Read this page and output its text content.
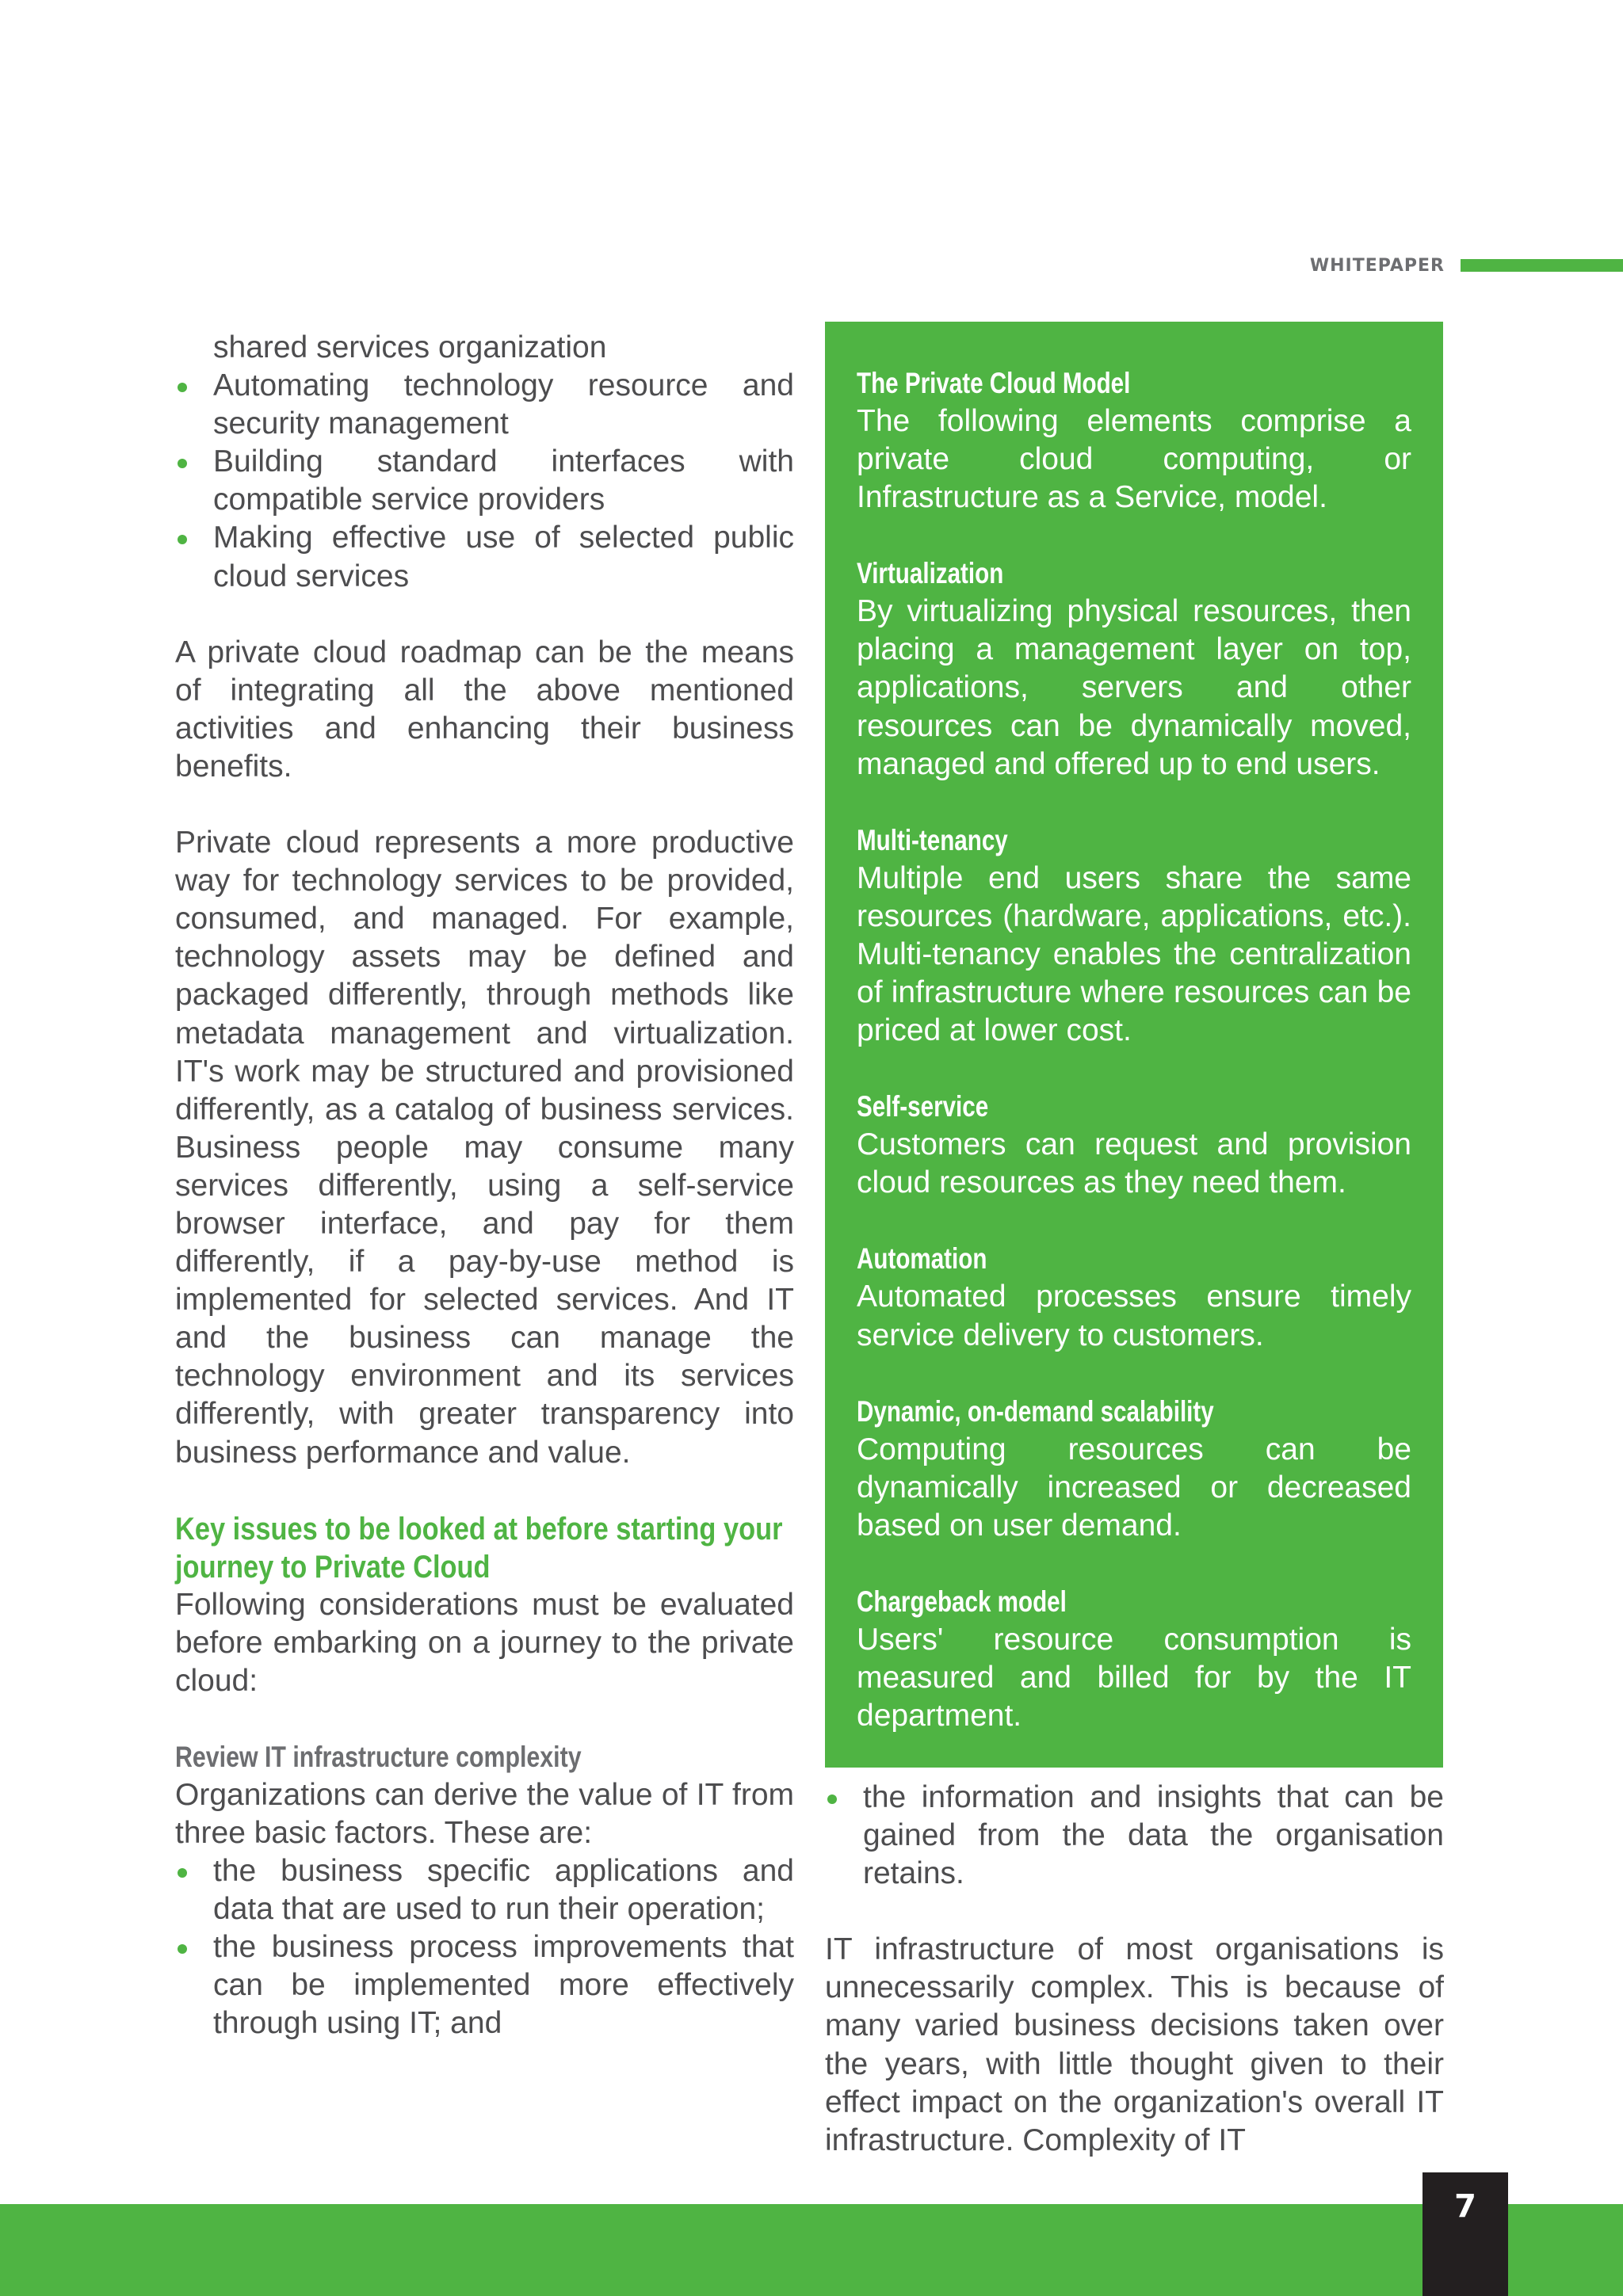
WHITEPAPER

shared services organization

Automating technology resource and security management
Building standard interfaces with compatible service providers
Making effective use of selected public cloud services

A private cloud roadmap can be the means of integrating all the above mentioned activities and enhancing their business benefits.

Private cloud represents a more productive way for technology services to be provided, consumed, and managed. For example, technology assets may be defined and packaged differently, through methods like metadata management and virtualization. IT's work may be structured and provisioned differently, as a catalog of business services. Business people may consume many services differently, using a self-service browser interface, and pay for them differently, if a pay-by-use method is implemented for selected services. And IT and the business can manage the technology environment and its services differently, with greater transparency into business performance and value.

Key issues to be looked at before starting your journey to Private Cloud

Following considerations must be evaluated before embarking on a journey to the private cloud:

Review IT infrastructure complexity

Organizations can derive the value of IT from three basic factors. These are:

the business specific applications and data that are used to run their operation;
the business process improvements that can be implemented more effectively through using IT; and
The Private Cloud Model

The following elements comprise a private cloud computing, or Infrastructure as a Service, model.

Virtualization

By virtualizing physical resources, then placing a management layer on top, applications, servers and other resources can be dynamically moved, managed and offered up to end users.

Multi-tenancy

Multiple end users share the same resources (hardware, applications, etc.). Multi-tenancy enables the centralization of infrastructure where resources can be priced at lower cost.

Self-service

Customers can request and provision cloud resources as they need them.

Automation

Automated processes ensure timely service delivery to customers.

Dynamic, on-demand scalability

Computing resources can be dynamically increased or decreased based on user demand.

Chargeback model

Users' resource consumption is measured and billed for by the IT department.

the information and insights that can be gained from the data the organisation retains.

IT infrastructure of most organisations is unnecessarily complex. This is because of many varied business decisions taken over the years, with little thought given to their effect impact on the organization's overall IT infrastructure. Complexity of IT

7
